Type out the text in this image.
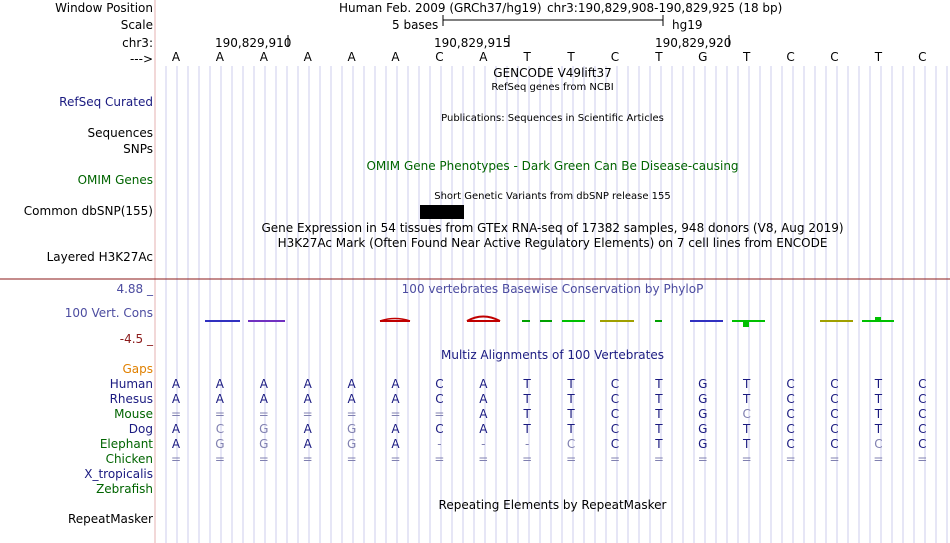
Window Position	Human Feb. 2009 (GRCh37/hg19) chr3:190,829,908-190,829,925 (18 bp)
Scale	5 bases	hg19
chr3:	190,829,910	190,829,915	190,829,920
---> A	A	A	A	A	A	C	A	T	T	C	T	G	T	C	C	T	C
GENCODE V49lift37
RefSeq genes from NCBI
RefSeq Curated
Publications: Sequences in Scientific Articles
Sequences
SNPs
OMIM Gene Phenotypes - Dark Green Can Be Disease-causing
OMIM Genes
Short Genetic Variants from dbSNP release 155
Common dbSNP(155)
Gene Expression in 54 tissues from GTEx RNA-seq of 17382 samples, 948 donors (V8, Aug 2019)
H3K27Ac Mark (Often Found Near Active Regulatory Elements) on 7 cell lines from ENCODE
Layered H3K27Ac
4.88 _	100 vertebrates Basewise Conservation by PhyloP
100 Vert. Cons
-4.5 _
Multiz Alignments of 100 Vertebrates
Gaps
Human A	A	A	A	A	A	C	A	T	T	C	T	G	T	C	C	T	C
Rhesus A	A	A	A	A	A	C	A	T	T	C	T	G	T	C	C	T	C
Mouse =	=	=	=	=	=	=	A	T	T	C	T	G	C	C	C	T	C
Dog A	C	G	A	G	A	C	A	T	T	C	T	G	T	C	C	T	C
Elephant A	G	G	A	G	A	-	-	-	C	C	T	G	T	C	C	C	C
Chicken =	=	=	=	=	=	=	=	=	=	=	=	=	=	=	=	=	=
X_tropicalis
Zebrafish
Repeating Elements by RepeatMasker
RepeatMasker
